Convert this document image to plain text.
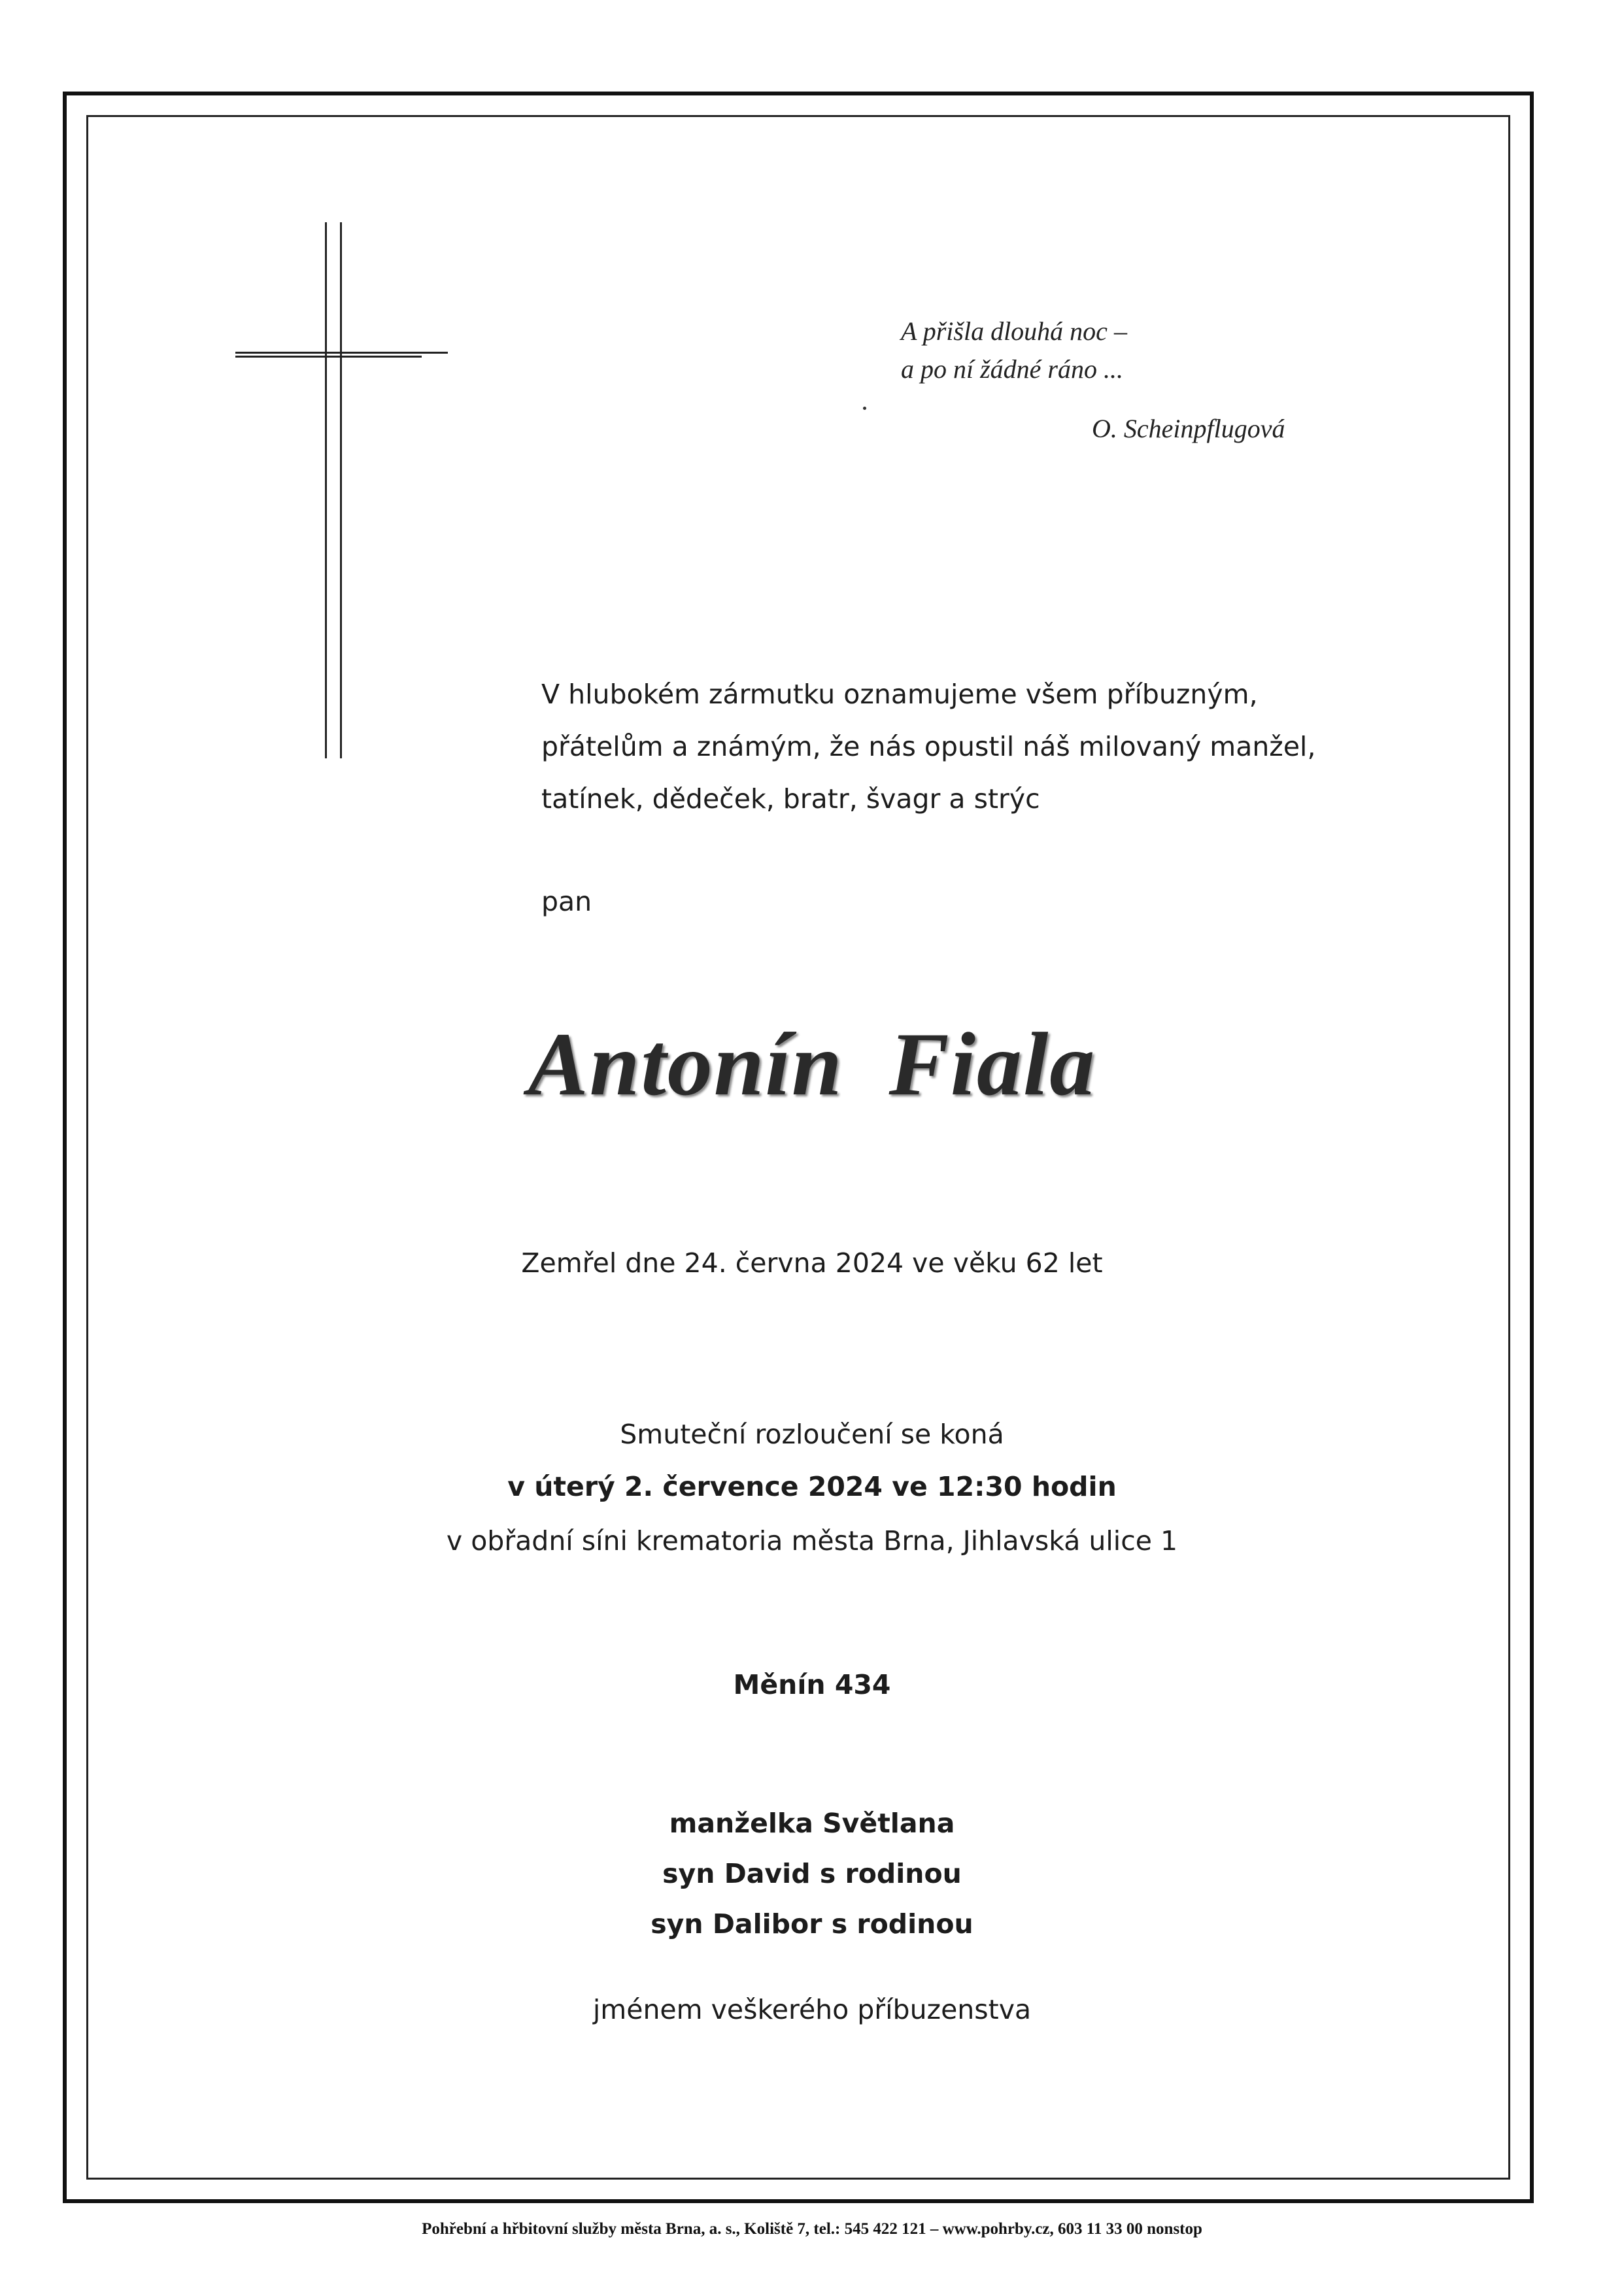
A přišla dlouhá noc –
a po ní žádné ráno ...
O. Scheinpflugová
V hlubokém zármutku oznamujeme všem příbuzným,
přátelům a známým, že nás opustil náš milovaný manžel,
tatínek, dědeček, bratr, švagr a strýc
pan
Antonín Fiala
Zemřel dne 24. června 2024 ve věku 62 let
Smuteční rozloučení se koná
v úterý 2. července 2024 ve 12:30 hodin
v obřadní síni krematoria města Brna, Jihlavská ulice 1
Měnín 434
manželka Světlana
syn David s rodinou
syn Dalibor s rodinou
jménem veškerého příbuzenstva
Pohřební a hřbitovní služby města Brna, a. s., Koliště 7, tel.: 545 422 121 – www.pohrby.cz, 603 11 33 00 nonstop
